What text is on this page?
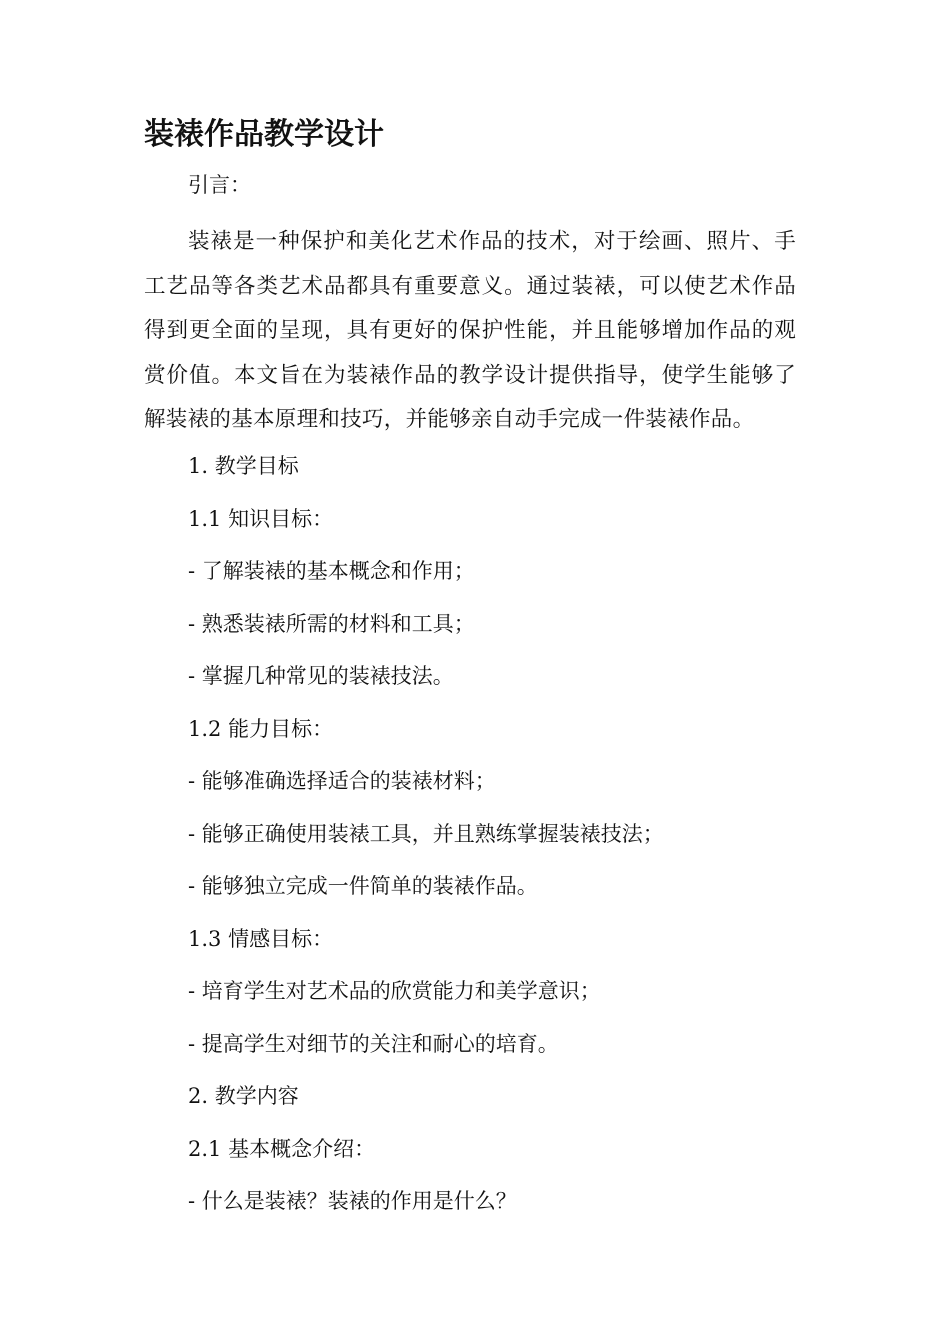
装裱作品教学设计

引言：

装裱是一种保护和美化艺术作品的技术，对于绘画、照片、手工艺品等各类艺术品都具有重要意义。通过装裱，可以使艺术作品得到更全面的呈现，具有更好的保护性能，并且能够增加作品的观赏价值。本文旨在为装裱作品的教学设计提供指导，使学生能够了解装裱的基本原理和技巧，并能够亲自动手完成一件装裱作品。

1. 教学目标

1.1 知识目标：

- 了解装裱的基本概念和作用；

- 熟悉装裱所需的材料和工具；

- 掌握几种常见的装裱技法。

1.2 能力目标：

- 能够准确选择适合的装裱材料；

- 能够正确使用装裱工具，并且熟练掌握装裱技法；

- 能够独立完成一件简单的装裱作品。

1.3 情感目标：

- 培育学生对艺术品的欣赏能力和美学意识；

- 提高学生对细节的关注和耐心的培育。

2. 教学内容

2.1 基本概念介绍：

- 什么是装裱？装裱的作用是什么？
